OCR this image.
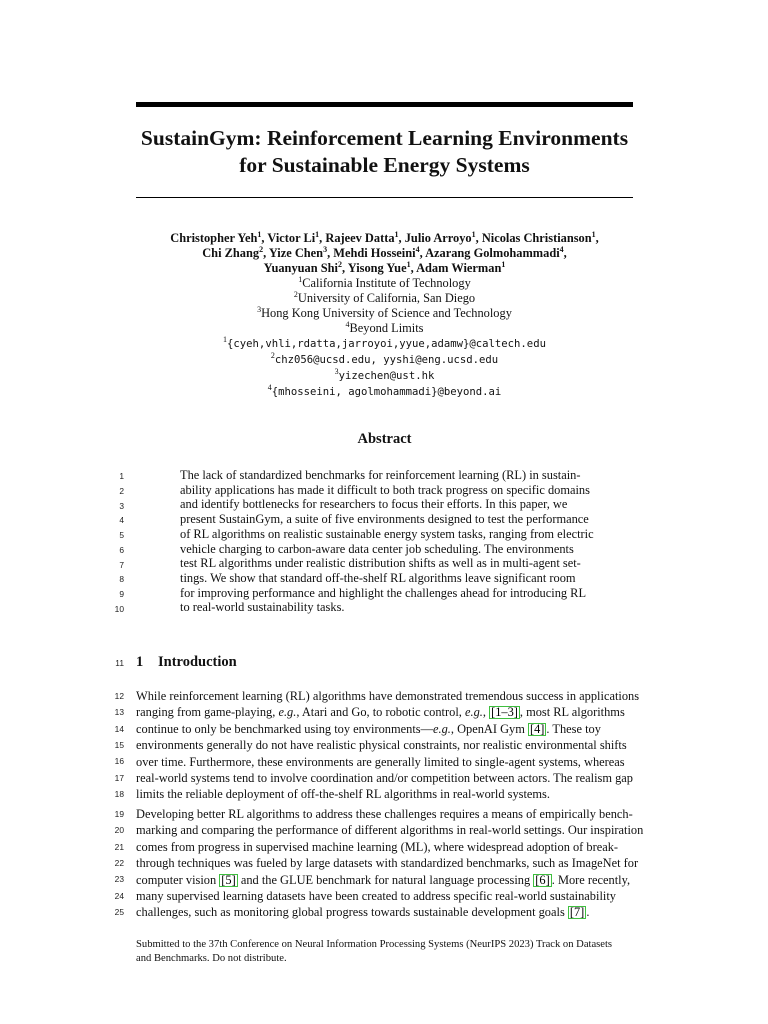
SustainGym: Reinforcement Learning Environments
for Sustainable Energy Systems
Christopher Yeh$^1$, Victor Li$^1$, Rajeev Datta$^1$, Julio Arroyo$^1$, Nicolas Christianson$^1$,
Chi Zhang$^2$, Yize Chen$^3$, Mehdi Hosseini$^4$, Azarang Golmohammadi$^4$,
Yuanyuan Shi$^2$, Yisong Yue$^1$, Adam Wierman$^1$
$^1$California Institute of Technology
$^2$University of California, San Diego
$^3$Hong Kong University of Science and Technology
$^4$Beyond Limits
$^1${cyeh,vhli,rdatta,jarroyoi,yyue,adamw}@caltech.edu
$^2$chz056@ucsd.edu, yyshi@eng.ucsd.edu
$^3$yizechen@ust.hk
$^4${mhosseini, agolmohammadi}@beyond.ai
Abstract
The lack of standardized benchmarks for reinforcement learning (RL) in sustain-
ability applications has made it difficult to both track progress on specific domains
and identify bottlenecks for researchers to focus their efforts. In this paper, we
present SustainGym, a suite of five environments designed to test the performance
of RL algorithms on realistic sustainable energy system tasks, ranging from electric
vehicle charging to carbon-aware data center job scheduling. The environments
test RL algorithms under realistic distribution shifts as well as in multi-agent set-
tings. We show that standard off-the-shelf RL algorithms leave significant room
for improving performance and highlight the challenges ahead for introducing RL
to real-world sustainability tasks.
1
2
3
4
5
6
7
8
9
10
11
12
13
14
15
16
17
18
19
20
21
22
23
24
25
1 Introduction
While reinforcement learning (RL) algorithms have demonstrated tremendous success in applications
ranging from game-playing, e.g., Atari and Go, to robotic control, e.g., [1–3] , most RL algorithms
continue to only be benchmarked using toy environments—e.g., OpenAI Gym [4] . These toy
environments generally do not have realistic physical constraints, nor realistic environmental shifts
over time. Furthermore, these environments are generally limited to single-agent systems, whereas
real-world systems tend to involve coordination and/or competition between actors. The realism gap
limits the reliable deployment of off-the-shelf RL algorithms in real-world systems.
Developing better RL algorithms to address these challenges requires a means of empirically bench-
marking and comparing the performance of different algorithms in real-world settings. Our inspiration
comes from progress in supervised machine learning (ML), where widespread adoption of break-
through techniques was fueled by large datasets with standardized benchmarks, such as ImageNet for
computer vision [5] and the GLUE benchmark for natural language processing [6] . More recently,
many supervised learning datasets have been created to address specific real-world sustainability
challenges, such as monitoring global progress towards sustainable development goals [7] .
Submitted to the 37th Conference on Neural Information Processing Systems (NeurIPS 2023) Track on Datasets
and Benchmarks. Do not distribute.
